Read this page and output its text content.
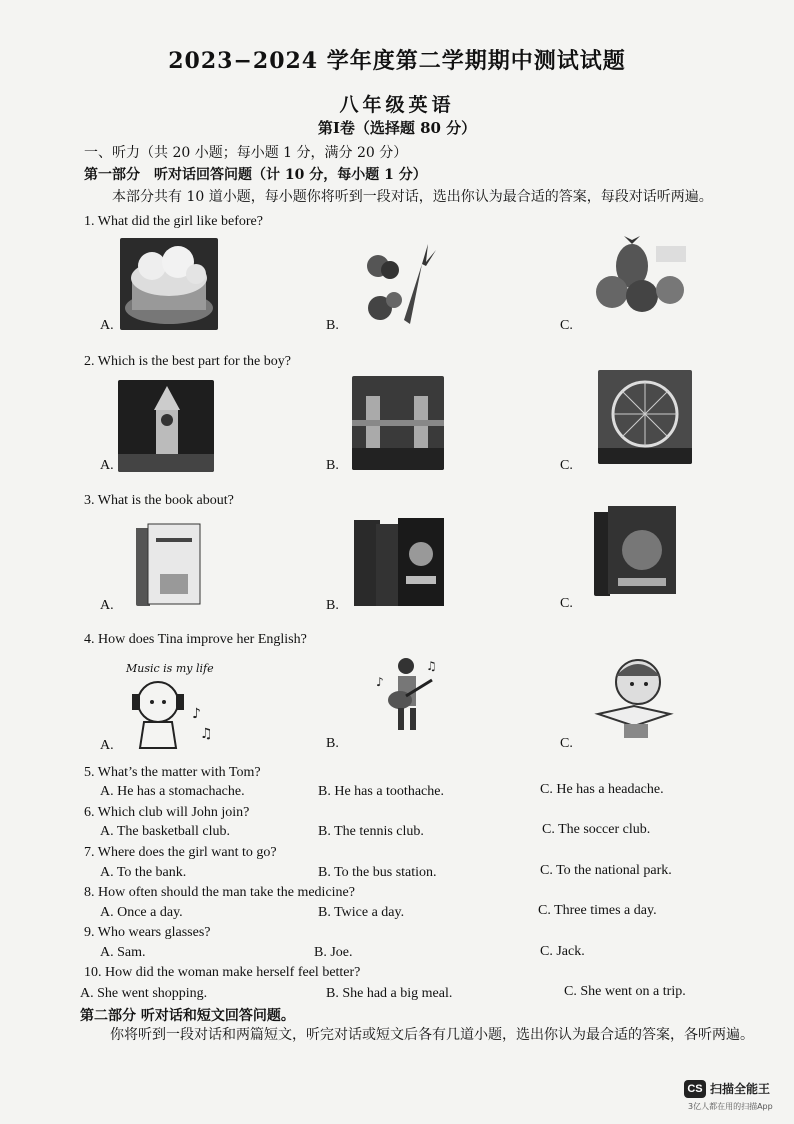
2023−2024 学年度第二学期期中测试试题
八年级英语
第Ⅰ卷（选择题 80 分）
一、听力（共 20 小题；每小题 1 分，满分 20 分）
第一部分　听对话回答问题（计 10 分，每小题 1 分）
本部分共有 10 道小题，每小题你将听到一段对话，选出你认为最合适的答案，每段对话听两遍。
1. What did the girl like before?
A.	B.	C.
2. Which is the best part for the boy?
A.	B.	C.
3. What is the book about?
A.	B.	C.
4. How does Tina improve her English?
Music is my life
♪
♫
A.
♪
♫
B.	C.
5. What’s the matter with Tom?
A. He has a stomachache.	B. He has a toothache.	C. He has a headache.
6. Which club will John join?
A. The basketball club.	B. The tennis club.	C. The soccer club.
7. Where does the girl want to go?
A. To the bank.	B. To the bus station.	C. To the national park.
8. How often should the man take the medicine?
A. Once a day.	B. Twice a day.	C. Three times a day.
9. Who wears glasses?
A. Sam.	B. Joe.	C. Jack.
10. How did the woman make herself feel better?
A. She went shopping.	B. She had a big meal.	C. She went on a trip.
第二部分 听对话和短文回答问题。
你将听到一段对话和两篇短文，听完对话或短文后各有几道小题，选出你认为最合适的答案，各听两遍。
CS 扫描全能王
3亿人都在用的扫描App
